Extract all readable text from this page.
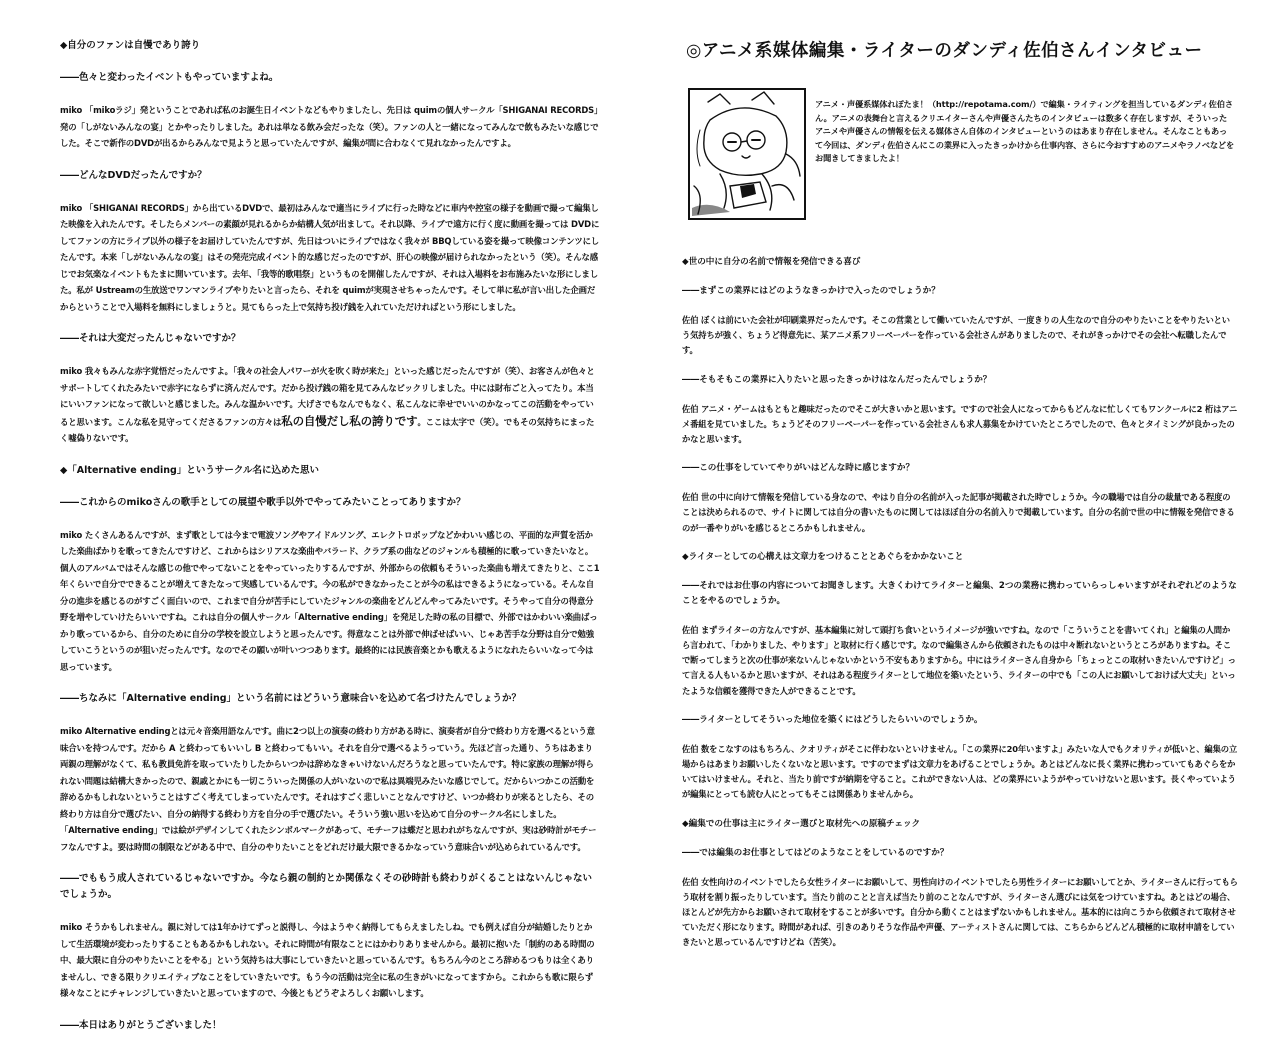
◆自分のファンは自慢であり誇り

――色々と変わったイベントもやっていますよね。

miko 「mikoラジ」発ということであれば私のお誕生日イベントなどもやりましたし、先日は quimの個人サークル「SHIGANAI RECORDS」発の「しがないみんなの宴」とかやったりしました。あれは単なる飲み会だったな（笑）。ファンの人と一緒になってみんなで飲もみたいな感じでした。そこで新作のDVDが出るからみんなで見ようと思っていたんですが、編集が間に合わなくて見れなかったんですよ。

――どんなDVDだったんですか？

miko 「SHIGANAI RECORDS」から出ているDVDで、最初はみんなで適当にライブに行った時などに車内や控室の様子を動画で撮って編集した映像を入れたんです。そしたらメンバーの素顔が見れるからか結構人気が出まして。それ以降、ライブで遠方に行く度に動画を撮っては DVDにしてファンの方にライブ以外の様子をお届けしていたんですが、先日はついにライブではなく我々が BBQしている姿を撮って映像コンテンツにしたんです。本来「しがないみんなの宴」はその発売完成イベント的な感じだったのですが、肝心の映像が届けられなかったという（笑）。そんな感じでお気楽なイベントもたまに開いています。去年、「我等的歌唱祭」というものを開催したんですが、それは入場料をお布施みたいな形にしました。私が Ustreamの生放送でワンマンライブやりたいと言ったら、それを quimが実現させちゃったんです。そして単に私が言い出した企画だからということで入場料を無料にしましょうと。見てもらった上で気持ち投げ銭を入れていただければという形にしました。

――それは大変だったんじゃないですか？

miko 我々もみんな赤字覚悟だったんですよ。「我々の社会人パワーが火を吹く時が来た」といった感じだったんですが（笑）、お客さんが色々とサポートしてくれたみたいで赤字にならずに済んだんです。だから投げ銭の箱を見てみんなビックリしました。中には財布ごと入ってたり。本当にいいファンになって欲しいと感じました。みんな温かいです。大げさでもなんでもなく、私こんなに幸せでいいのかなってこの活動をやっていると思います。こんな私を見守ってくださるファンの方々は私の自慢だし私の誇りです。ここは太字で（笑）。でもその気持ちにまったく嘘偽りないです。

◆「Alternative ending」というサークル名に込めた思い

――これからのmikoさんの歌手としての展望や歌手以外でやってみたいことってありますか？

miko たくさんあるんですが、まず歌としては今まで電波ソングやアイドルソング、エレクトロポップなどかわいい感じの、平面的な声質を活かした楽曲ばかりを歌ってきたんですけど、これからはシリアスな楽曲やバラード、クラブ系の曲などのジャンルも積極的に歌っていきたいなと。個人のアルバムではそんな感じの他でやってないことをやっていったりするんですが、外部からの依頼もそういった楽曲も増えてきたりと、ここ1年くらいで自分でできることが増えてきたなって実感しているんです。今の私ができなかったことが今の私はできるようになっている。そんな自分の進歩を感じるのがすごく面白いので、これまで自分が苦手にしていたジャンルの楽曲をどんどんやってみたいです。そうやって自分の得意分野を増やしていけたらいいですね。これは自分の個人サークル「Alternative ending」を発足した時の私の目標で、外部ではかわいい楽曲ばっかり歌っているから、自分のために自分の学校を設立しようと思ったんです。得意なことは外部で伸ばせばいい、じゃあ苦手な分野は自分で勉強していこうというのが狙いだったんです。なのでその願いが叶いつつあります。最終的には民族音楽とかも歌えるようになれたらいいなって今は思っています。

――ちなみに「Alternative ending」という名前にはどういう意味合いを込めて名づけたんでしょうか？

miko Alternative endingとは元々音楽用語なんです。曲に2つ以上の演奏の終わり方がある時に、演奏者が自分で終わり方を選べるという意味合いを持つんです。だから A と終わってもいいし B と終わってもいい。それを自分で選べるようっていう。先ほど言った通り、うちはあまり両親の理解がなくて、私も教員免許を取っていたりしたからいつかは辞めなきゃいけないんだろうなと思っていたんです。特に家族の理解が得られない問題は結構大きかったので、親戚とかにも一切こういった関係の人がいないので私は異端児みたいな感じでして。だからいつかこの活動を辞めるかもしれないということはすごく考えてしまっていたんです。それはすごく悲しいことなんですけど、いつか終わりが来るとしたら、その終わり方は自分で選びたい、自分の納得する終わり方を自分の手で選びたい。そういう強い思いを込めて自分のサークル名にしました。「Alternative ending」では絵がデザインしてくれたシンボルマークがあって、モチーフは蝶だと思われがちなんですが、実は砂時計がモチーフなんですよ。要は時間の制限などがある中で、自分のやりたいことをどれだけ最大限できるかなっていう意味合いが込められているんです。

――でももう成人されているじゃないですか。今なら親の制約とか関係なくその砂時計も終わりがくることはないんじゃないでしょうか。

miko そうかもしれません。親に対しては1年かけてずっと説得し、今はようやく納得してもらえましたしね。でも例えば自分が結婚したりとかして生活環境が変わったりすることもあるかもしれない。それに時間が有限なことにはかわりありませんから。最初に抱いた「制約のある時間の中、最大限に自分のやりたいことをやる」という気持ちは大事にしていきたいと思っているんです。もちろん今のところ辞めるつもりは全くありませんし、できる限りクリエイティブなことをしていきたいです。もう今の活動は完全に私の生きがいになってますから。これからも歌に限らず様々なことにチャレンジしていきたいと思っていますので、今後ともどうぞよろしくお願いします。

――本日はありがとうございました！

◎アニメ系媒体編集・ライターのダンディ佐伯さんインタビュー
アニメ・声優系媒体れぽたま！（http://repotama.com/）で編集・ライティングを担当しているダンディ佐伯さん。アニメの表舞台と言えるクリエイターさんや声優さんたちのインタビューは数多く存在しますが、そういったアニメや声優さんの情報を伝える媒体さん自体のインタビューというのはあまり存在しません。そんなこともあって今回は、ダンディ佐伯さんにこの業界に入ったきっかけから仕事内容、さらに今おすすめのアニメやラノベなどをお聞きしてきましたよ！

◆世の中に自分の名前で情報を発信できる喜び

――まずこの業界にはどのようなきっかけで入ったのでしょうか？

佐伯 ぼくは前にいた会社が印刷業界だったんです。そこの営業として働いていたんですが、一度きりの人生なので自分のやりたいことをやりたいという気持ちが強く、ちょうど得意先に、某アニメ系フリーペーパーを作っている会社さんがありましたので、それがきっかけでその会社へ転職したんです。

――そもそもこの業界に入りたいと思ったきっかけはなんだったんでしょうか？

佐伯 アニメ・ゲームはもともと趣味だったのでそこが大きいかと思います。ですので社会人になってからもどんなに忙しくてもワンクールに2 桁はアニメ番組を見ていました。ちょうどそのフリーペーパーを作っている会社さんも求人募集をかけていたところでしたので、色々とタイミングが良かったのかなと思います。

――この仕事をしていてやりがいはどんな時に感じますか？

佐伯 世の中に向けて情報を発信している身なので、やはり自分の名前が入った記事が掲載された時でしょうか。今の職場では自分の裁量である程度のことは決められるので、サイトに関しては自分の書いたものに関してはほぼ自分の名前入りで掲載しています。自分の名前で世の中に情報を発信できるのが一番やりがいを感じるところかもしれません。

◆ライターとしての心構えは文章力をつけることとあぐらをかかないこと

――それではお仕事の内容についてお聞きします。大きくわけてライターと編集、2つの業務に携わっていらっしゃいますがそれぞれどのようなことをやるのでしょうか。

佐伯 まずライターの方なんですが、基本編集に対して頭打ち食いというイメージが強いですね。なので「こういうことを書いてくれ」と編集の人間から言われて、「わかりました、やります」と取材に行く感じです。なので編集さんから依頼されたものは中々断れないというところがありますね。そこで断ってしまうと次の仕事が来ないんじゃないかという不安もありますから。中にはライターさん自身から「ちょっとこの取材いきたいんですけど」って言える人もいるかと思いますが、それはある程度ライターとして地位を築いたという、ライターの中でも「この人にお願いしておけば大丈夫」といったような信頼を獲得できた人ができることです。

――ライターとしてそういった地位を築くにはどうしたらいいのでしょうか。

佐伯 数をこなすのはもちろん、クオリティがそこに伴わないといけません。「この業界に20年いますよ」みたいな人でもクオリティが低いと、編集の立場からはあまりお願いしたくないなと思います。ですのでまずは文章力をあげることでしょうか。あとはどんなに長く業界に携わっていてもあぐらをかいてはいけません。それと、当たり前ですが納期を守ること。これができない人は、どの業界にいようがやっていけないと思います。長くやっていようが編集にとっても読む人にとってもそこは関係ありませんから。

◆編集での仕事は主にライター選びと取材先への原稿チェック

――では編集のお仕事としてはどのようなことをしているのですか？

佐伯 女性向けのイベントでしたら女性ライターにお願いして、男性向けのイベントでしたら男性ライターにお願いしてとか、ライターさんに行ってもらう取材を割り振ったりしています。当たり前のことと言えば当たり前のことなんですが、ライターさん選びには気をつけていますね。あとはどの場合、ほとんどが先方からお願いされて取材をすることが多いです。自分から動くことはまずないかもしれません。基本的には向こうから依頼されて取材させていただく形になります。時間があれば、引きのありそうな作品や声優、アーティストさんに関しては、こちらからどんどん積極的に取材申請をしていきたいと思っているんですけどね（苦笑）。
